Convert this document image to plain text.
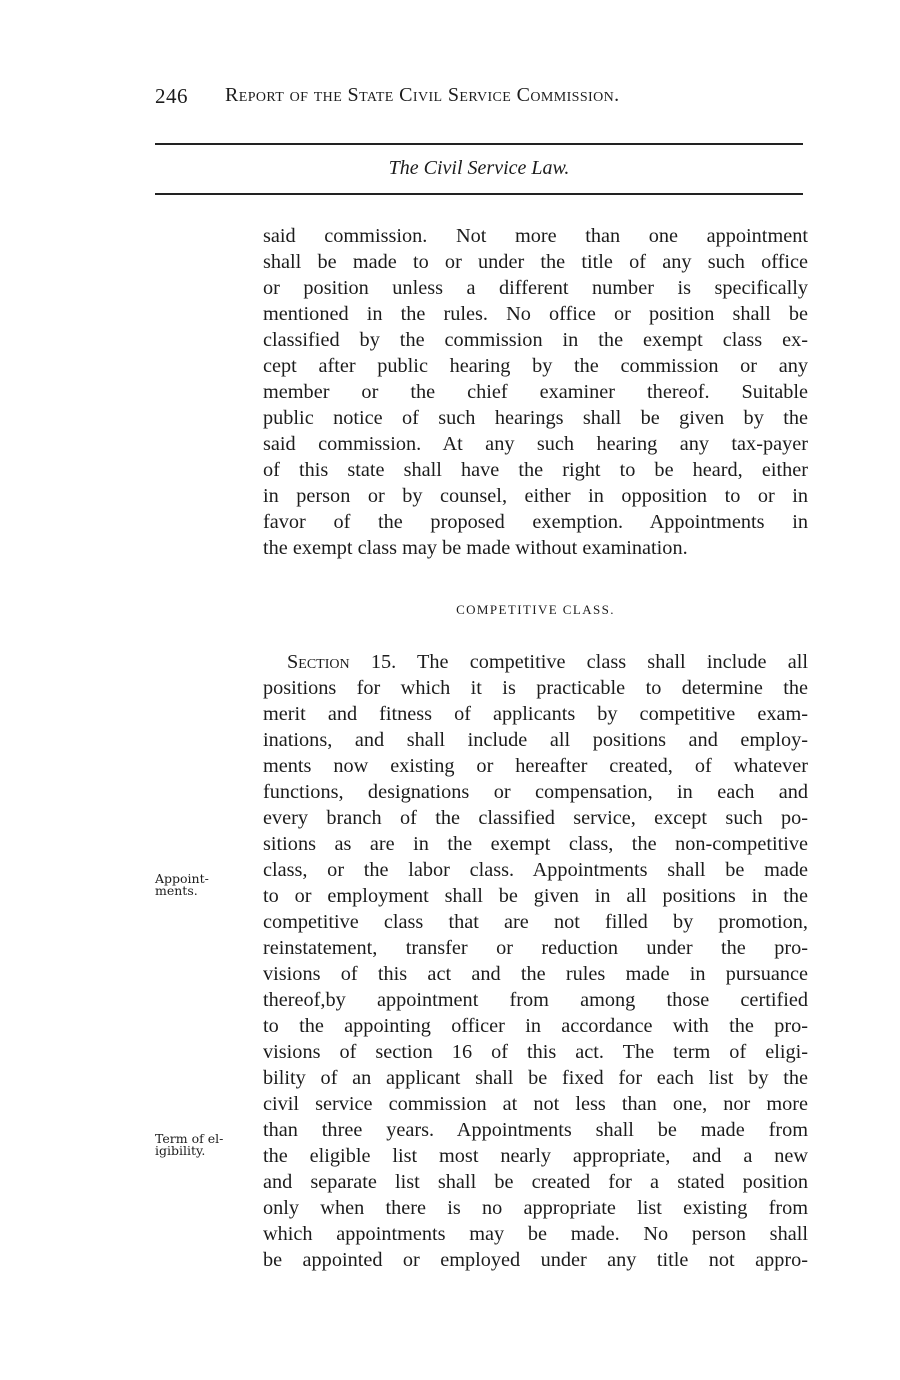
246 Report of the State Civil Service Commission.
The Civil Service Law.
said commission. Not more than one appointment
shall be made to or under the title of any such office
or position unless a different number is specifically
mentioned in the rules. No office or position shall be
classified by the commission in the exempt class ex-
cept after public hearing by the commission or any
member or the chief examiner thereof. Suitable
public notice of such hearings shall be given by the
said commission. At any such hearing any tax-payer
of this state shall have the right to be heard, either
in person or by counsel, either in opposition to or in
favor of the proposed exemption. Appointments in
the exempt class may be made without examination.
COMPETITIVE CLASS.
Section 15. The competitive class shall include all
positions for which it is practicable to determine the
merit and fitness of applicants by competitive exam-
inations, and shall include all positions and employ-
ments now existing or hereafter created, of whatever
functions, designations or compensation, in each and
every branch of the classified service, except such po-
sitions as are in the exempt class, the non-competitive
class, or the labor class. Appointments shall be made
to or employment shall be given in all positions in the
competitive class that are not filled by promotion,
reinstatement, transfer or reduction under the pro-
visions of this act and the rules made in pursuance
thereof,by appointment from among those certified
to the appointing officer in accordance with the pro-
visions of section 16 of this act. The term of eligi-
bility of an applicant shall be fixed for each list by the
civil service commission at not less than one, nor more
than three years. Appointments shall be made from
the eligible list most nearly appropriate, and a new
and separate list shall be created for a stated position
only when there is no appropriate list existing from
which appointments may be made. No person shall
be appointed or employed under any title not appro-
Appoint-
ments.
Term of el-
igibility.
